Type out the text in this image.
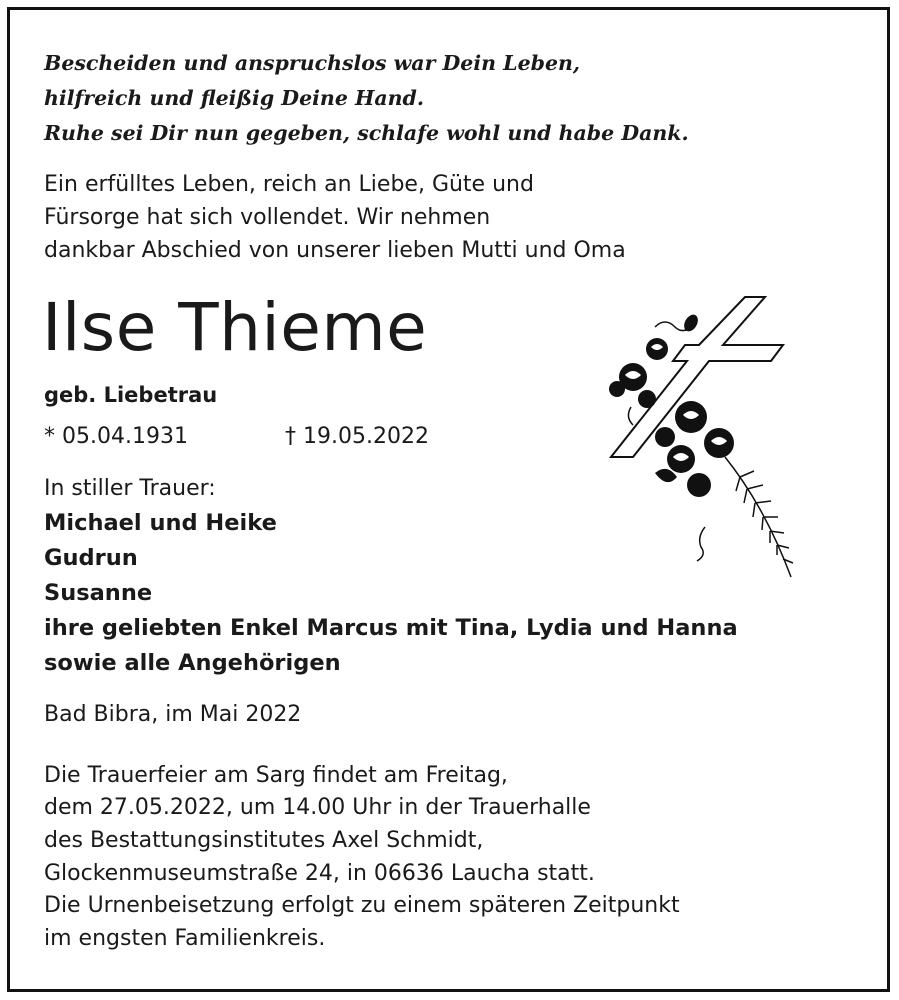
Bescheiden und anspruchslos war Dein Leben,
hilfreich und fleißig Deine Hand.
Ruhe sei Dir nun gegeben, schlafe wohl und habe Dank.
Ein erfülltes Leben, reich an Liebe, Güte und
Fürsorge hat sich vollendet. Wir nehmen
dankbar Abschied von unserer lieben Mutti und Oma
Ilse Thieme
geb. Liebetrau
* 05.04.1931	† 19.05.2022
In stiller Trauer:
Michael und Heike
Gudrun
Susanne
ihre geliebten Enkel Marcus mit Tina, Lydia und Hanna
sowie alle Angehörigen
Bad Bibra, im Mai 2022
Die Trauerfeier am Sarg findet am Freitag,
dem 27.05.2022, um 14.00 Uhr in der Trauerhalle
des Bestattungsinstitutes Axel Schmidt,
Glockenmuseumstraße 24, in 06636 Laucha statt.
Die Urnenbeisetzung erfolgt zu einem späteren Zeitpunkt
im engsten Familienkreis.
